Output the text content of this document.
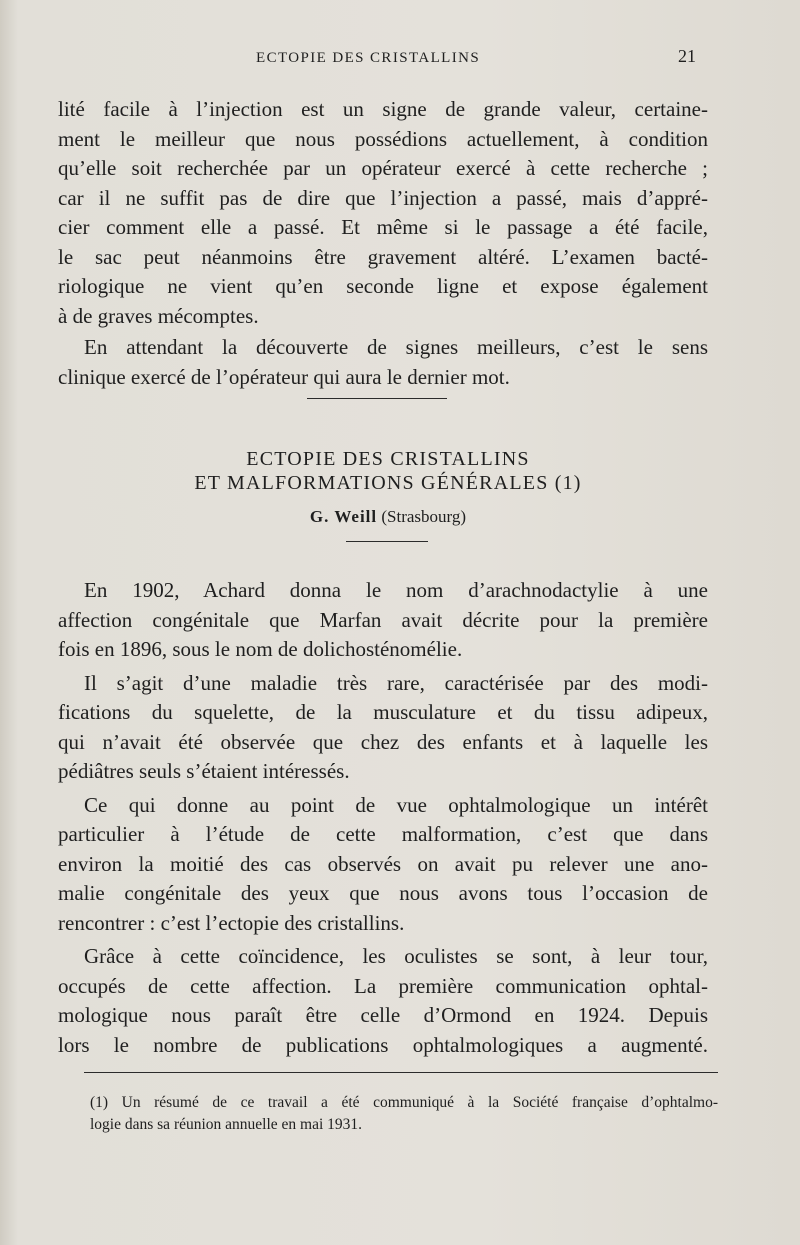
ECTOPIE DES CRISTALLINS	21

lité facile à l’injection est un signe de grande valeur, certaine-
ment le meilleur que nous possédions actuellement, à condition
qu’elle soit recherchée par un opérateur exercé à cette recherche ;
car il ne suffit pas de dire que l’injection a passé, mais d’appré-
cier comment elle a passé. Et même si le passage a été facile,
le sac peut néanmoins être gravement altéré. L’examen bacté-
riologique ne vient qu’en seconde ligne et expose également
à de graves mécomptes.

En attendant la découverte de signes meilleurs, c’est le sens
clinique exercé de l’opérateur qui aura le dernier mot.

ECTOPIE DES CRISTALLINS
ET MALFORMATIONS GÉNÉRALES (1)
G. Weill (Strasbourg)

En 1902, Achard donna le nom d’arachnodactylie à une
affection congénitale que Marfan avait décrite pour la première
fois en 1896, sous le nom de dolichosténomélie.

Il s’agit d’une maladie très rare, caractérisée par des modi-
fications du squelette, de la musculature et du tissu adipeux,
qui n’avait été observée que chez des enfants et à laquelle les
pédiâtres seuls s’étaient intéressés.

Ce qui donne au point de vue ophtalmologique un intérêt
particulier à l’étude de cette malformation, c’est que dans
environ la moitié des cas observés on avait pu relever une ano-
malie congénitale des yeux que nous avons tous l’occasion de
rencontrer : c’est l’ectopie des cristallins.

Grâce à cette coïncidence, les oculistes se sont, à leur tour,
occupés de cette affection. La première communication ophtal-
mologique nous paraît être celle d’Ormond en 1924. Depuis
lors le nombre de publications ophtalmologiques a augmenté.

(1) Un résumé de ce travail a été communiqué à la Société française d’ophtalmo-
logie dans sa réunion annuelle en mai 1931.
